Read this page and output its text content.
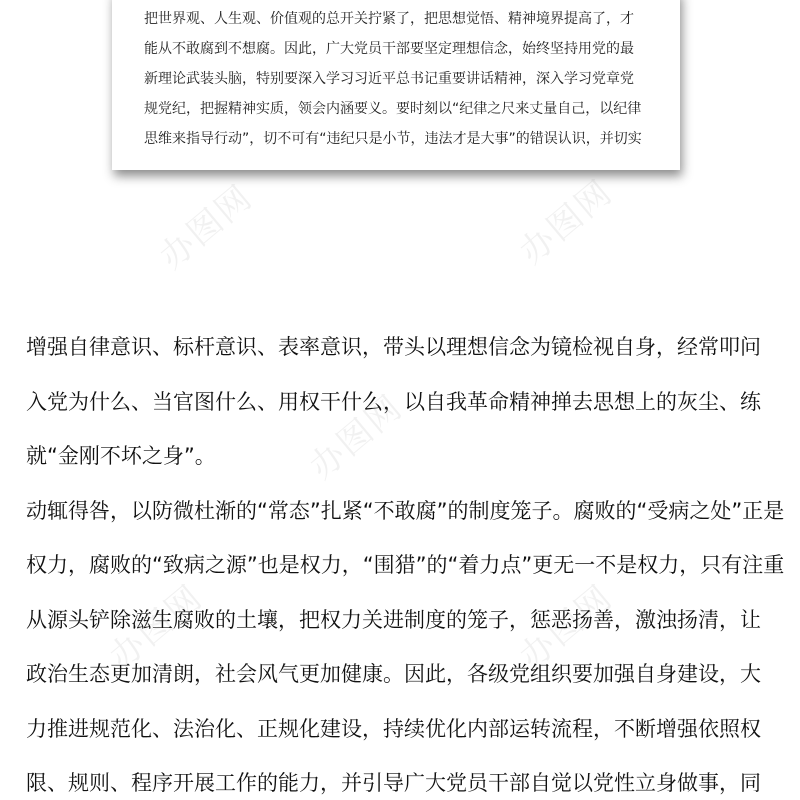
把世界观、人生观、价值观的总开关拧紧了，把思想觉悟、精神境界提高了，才
能从不敢腐到不想腐。因此，广大党员干部要坚定理想信念，始终坚持用党的最
新理论武装头脑，特别要深入学习习近平总书记重要讲话精神，深入学习党章党
规党纪，把握精神实质，领会内涵要义。要时刻以“纪律之尺来丈量自己，以纪律
思维来指导行动”，切不可有“违纪只是小节，违法才是大事”的错误认识，并切实
增强自律意识、标杆意识、表率意识，带头以理想信念为镜检视自身，经常叩问
入党为什么、当官图什么、用权干什么，以自我革命精神掸去思想上的灰尘、练
就“金刚不坏之身”。
动辄得咎，以防微杜渐的“常态”扎紧“不敢腐”的制度笼子。腐败的“受病之处”正是
权力，腐败的“致病之源”也是权力，“围猎”的“着力点”更无一不是权力，只有注重
从源头铲除滋生腐败的土壤，把权力关进制度的笼子，惩恶扬善，激浊扬清，让
政治生态更加清朗，社会风气更加健康。因此，各级党组织要加强自身建设，大
力推进规范化、法治化、正规化建设，持续优化内部运转流程，不断增强依照权
限、规则、程序开展工作的能力，并引导广大党员干部自觉以党性立身做事，同
办图网	办图网
办图网
办图网	办图网
